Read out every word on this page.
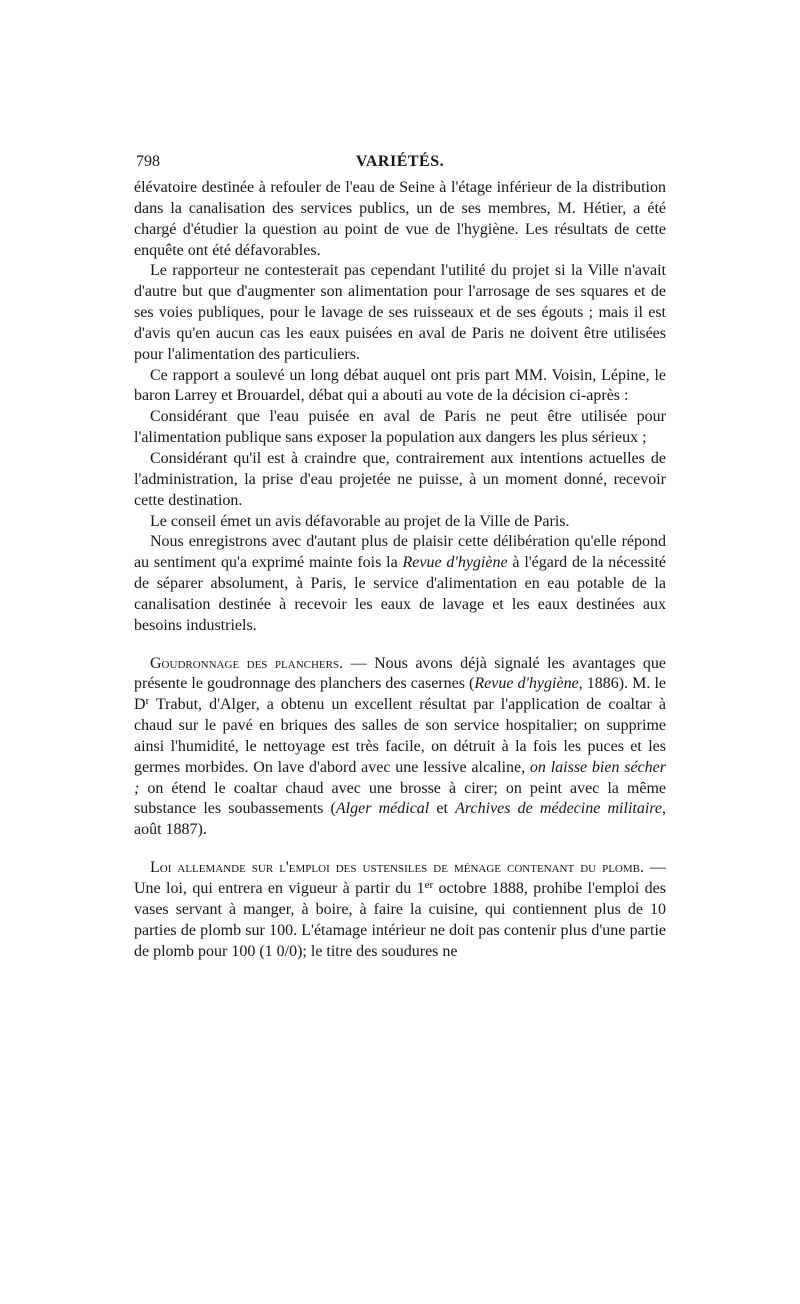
798	VARIÉTÉS.

élévatoire destinée à refouler de l'eau de Seine à l'étage inférieur de la distribution dans la canalisation des services publics, un de ses membres, M. Hétier, a été chargé d'étudier la question au point de vue de l'hygiène. Les résultats de cette enquête ont été défavorables.

Le rapporteur ne contesterait pas cependant l'utilité du projet si la Ville n'avait d'autre but que d'augmenter son alimentation pour l'arrosage de ses squares et de ses voies publiques, pour le lavage de ses ruisseaux et de ses égouts ; mais il est d'avis qu'en aucun cas les eaux puisées en aval de Paris ne doivent être utilisées pour l'alimentation des particuliers.

Ce rapport a soulevé un long débat auquel ont pris part MM. Voisin, Lépine, le baron Larrey et Brouardel, débat qui a abouti au vote de la décision ci-après :

Considérant que l'eau puisée en aval de Paris ne peut être utilisée pour l'alimentation publique sans exposer la population aux dangers les plus sérieux ;

Considérant qu'il est à craindre que, contrairement aux intentions actuelles de l'administration, la prise d'eau projetée ne puisse, à un moment donné, recevoir cette destination.

Le conseil émet un avis défavorable au projet de la Ville de Paris.

Nous enregistrons avec d'autant plus de plaisir cette délibération qu'elle répond au sentiment qu'a exprimé mainte fois la Revue d'hygiène à l'égard de la nécessité de séparer absolument, à Paris, le service d'alimentation en eau potable de la canalisation destinée à recevoir les eaux de lavage et les eaux destinées aux besoins industriels.

Goudronnage des planchers. — Nous avons déjà signalé les avantages que présente le goudronnage des planchers des casernes (Revue d'hygiène, 1886). M. le $D^r$ Trabut, d'Alger, a obtenu un excellent résultat par l'application de coaltar à chaud sur le pavé en briques des salles de son service hospitalier; on supprime ainsi l'humidité, le nettoyage est très facile, on détruit à la fois les puces et les germes morbides. On lave d'abord avec une lessive alcaline, on laisse bien sécher ; on étend le coaltar chaud avec une brosse à cirer; on peint avec la même substance les soubassements (Alger médical et Archives de médecine militaire, août 1887).

Loi allemande sur l'emploi des ustensiles de ménage contenant du plomb. — Une loi, qui entrera en vigueur à partir du 1er octobre 1888, prohibe l'emploi des vases servant à manger, à boire, à faire la cuisine, qui contiennent plus de 10 parties de plomb sur 100. L'étamage intérieur ne doit pas contenir plus d'une partie de plomb pour 100 (1 0/0); le titre des soudures ne
